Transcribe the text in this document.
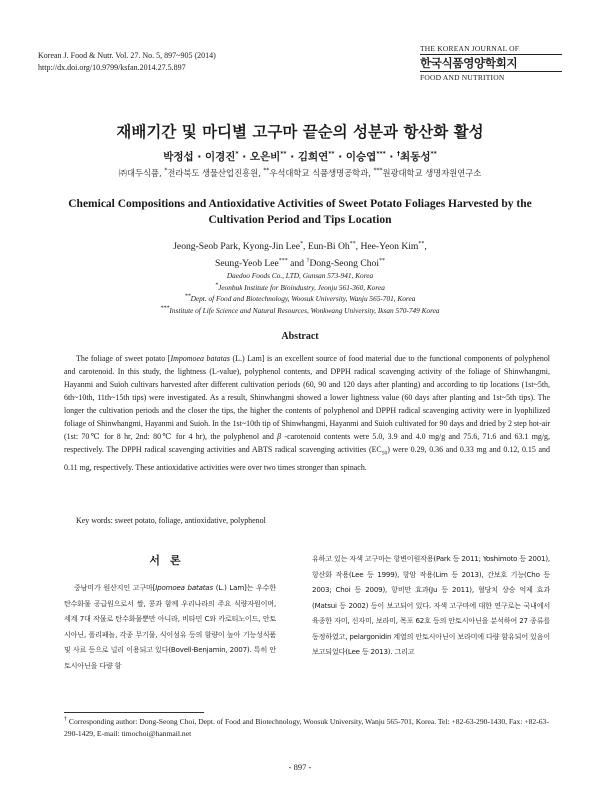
Korean J. Food & Nutr. Vol. 27. No. 5, 897~905 (2014)
http://dx.doi.org/10.9799/ksfan.2014.27.5.897
THE KOREAN JOURNAL OF
한국식품영양학회지
FOOD AND NUTRITION
재배기간 및 마디별 고구마 끝순의 성분과 항산화 활성
박정섭 · 이경진* · 오은비** · 김희연** · 이승엽*** · †최동성**
㈜대두식품, *전라북도 생물산업진흥원, **우석대학교 식품생명공학과, ***원광대학교 생명자원연구소
Chemical Compositions and Antioxidative Activities of Sweet Potato Foliages Harvested by the Cultivation Period and Tips Location
Jeong-Seob Park, Kyong-Jin Lee*, Eun-Bi Oh**, Hee-Yeon Kim**,
Seung-Yeob Lee*** and †Dong-Seong Choi**
Daedoo Foods Co., LTD, Gunsan 573-941, Korea
*Jeonbuk Institute for Bioindustry, Jeonju 561-360, Korea
**Dept. of Food and Biotechnology, Woosuk University, Wanju 565-701, Korea
***Institute of Life Science and Natural Resources, Wonkwang University, Iksan 570-749 Korea
Abstract
The foliage of sweet potato [Impomoea batatas (L.) Lam] is an excellent source of food material due to the functional components of polyphenol and carotenoid. In this study, the lightness (L-value), polyphenol contents, and DPPH radical scavenging activity of the foliage of Shinwhangmi, Hayanmi and Suioh cultivars harvested after different cultivation periods (60, 90 and 120 days after planting) and according to tip locations (1st~5th, 6th~10th, 11th~15th tips) were investigated. As a result, Shinwhangmi showed a lower lightness value (60 days after planting and 1st~5th tips). The longer the cultivation periods and the closer the tips, the higher the contents of polyphenol and DPPH radical scavenging activity were in lyophilized foliage of Shinwhangmi, Hayanmi and Suioh. In the 1st~10th tip of Shinwhangmi, Hayanmi and Suioh cultivated for 90 days and dried by 2 step hot-air (1st: 70℃ for 8 hr, 2nd: 80℃ for 4 hr), the polyphenol and β -carotenoid contents were 5.0, 3.9 and 4.0 mg/g and 75.6, 71.6 and 63.1 mg/g, respectively. The DPPH radical scavenging activities and ABTS radical scavenging activities $(EC_{50})$ were 0.29, 0.36 and 0.33 mg and 0.12, 0.15 and 0.11 mg, respectively. These antioxidative activities were over two times stronger than spinach.
Key words: sweet potato, foliage, antioxidative, polyphenol
서론
중남미가 원산지인 고구마[Ipomoea batatas (L.) Lam]는 우수한 탄수화물 공급원으로서 쌀, 콩과 함께 우리나라의 주요 식량자원이며, 세계 7대 작물로 탄수화물뿐만 아니라, 비타민 C와 카로티노이드, 안토시아닌, 폴리페놀, 각종 무기물, 식이섬유 등의 함량이 높아 기능성식품 및 사료 등으로 널리 이용되고 있다(Bovell-Benjamin, 2007). 특히 안토시아닌을 다량 함
유하고 있는 자색 고구마는 항변이원작용(Park 등 2011; Yoshimoto 등 2001), 항산화 작용(Lee 등 1999), 항암 작용(Lim 등 2013), 간보호 기능(Cho 등 2003; Choi 등 2009), 항비만 효과(Ju 등 2011), 혈당치 상승 억제 효과(Matsui 등 2002) 등이 보고되어 있다. 자색 고구마에 대한 연구로는 국내에서 육종한 자미, 신자미, 보라미, 목포 62호 등의 안토시아닌을 분석하여 27 종류를 동정하였고, pelargonidin 계열의 안토시아닌이 보라미에 다량 함유되어 있음이 보고되었다(Lee 등 2013). 그리고
† Corresponding author: Dong-Seong Choi, Dept. of Food and Biotechnology, Woosuk University, Wanju 565-701, Korea. Tel: +82-63-290-1430, Fax: +82-63-290-1429, E-mail: timochoi@hanmail.net
- 897 -
